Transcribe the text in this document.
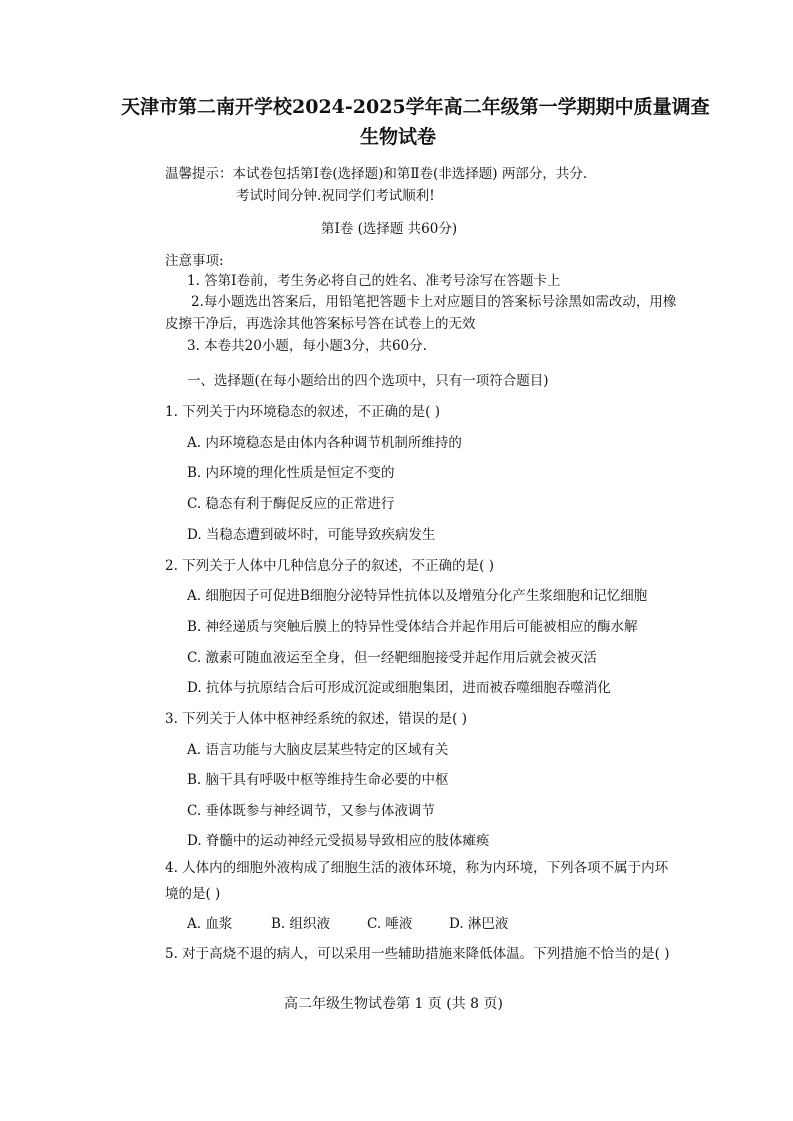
天津市第二南开学校2024-2025学年高二年级第一学期期中质量调查
生物试卷
温馨提示：本试卷包括第Ⅰ卷(选择题)和第Ⅱ卷(非选择题) 两部分，共分.
考试时间分钟.祝同学们考试顺利!
第Ⅰ卷 (选择题 共60分)
注意事项:
1. 答第Ⅰ卷前，考生务必将自己的姓名、准考号涂写在答题卡上
2.每小题选出答案后，用铅笔把答题卡上对应题目的答案标号涂黑如需改动，用橡
皮擦干净后，再选涂其他答案标号答在试卷上的无效
3. 本卷共20小题，每小题3分，共60分.
一、选择题(在每小题给出的四个选项中，只有一项符合题目)
1. 下列关于内环境稳态的叙述，不正确的是( )
A. 内环境稳态是由体内各种调节机制所维持的
B. 内环境的理化性质是恒定不变的
C. 稳态有利于酶促反应的正常进行
D. 当稳态遭到破坏时，可能导致疾病发生
2. 下列关于人体中几种信息分子的叙述，不正确的是( )
A. 细胞因子可促进B细胞分泌特异性抗体以及增殖分化产生浆细胞和记忆细胞
B. 神经递质与突触后膜上的特异性受体结合并起作用后可能被相应的酶水解
C. 激素可随血液运至全身，但一经靶细胞接受并起作用后就会被灭活
D. 抗体与抗原结合后可形成沉淀或细胞集团，进而被吞噬细胞吞噬消化
3. 下列关于人体中枢神经系统的叙述，错误的是( )
A. 语言功能与大脑皮层某些特定的区域有关
B. 脑干具有呼吸中枢等维持生命必要的中枢
C. 垂体既参与神经调节，又参与体液调节
D. 脊髓中的运动神经元受损易导致相应的肢体瘫痪
4. 人体内的细胞外液构成了细胞生活的液体环境，称为内环境，下列各项不属于内环
境的是( )
A. 血浆	B. 组织液	C. 唾液	D. 淋巴液
5. 对于高烧不退的病人，可以采用一些辅助措施来降低体温。下列措施不恰当的是( )
高二年级生物试卷第 1 页 (共 8 页)
